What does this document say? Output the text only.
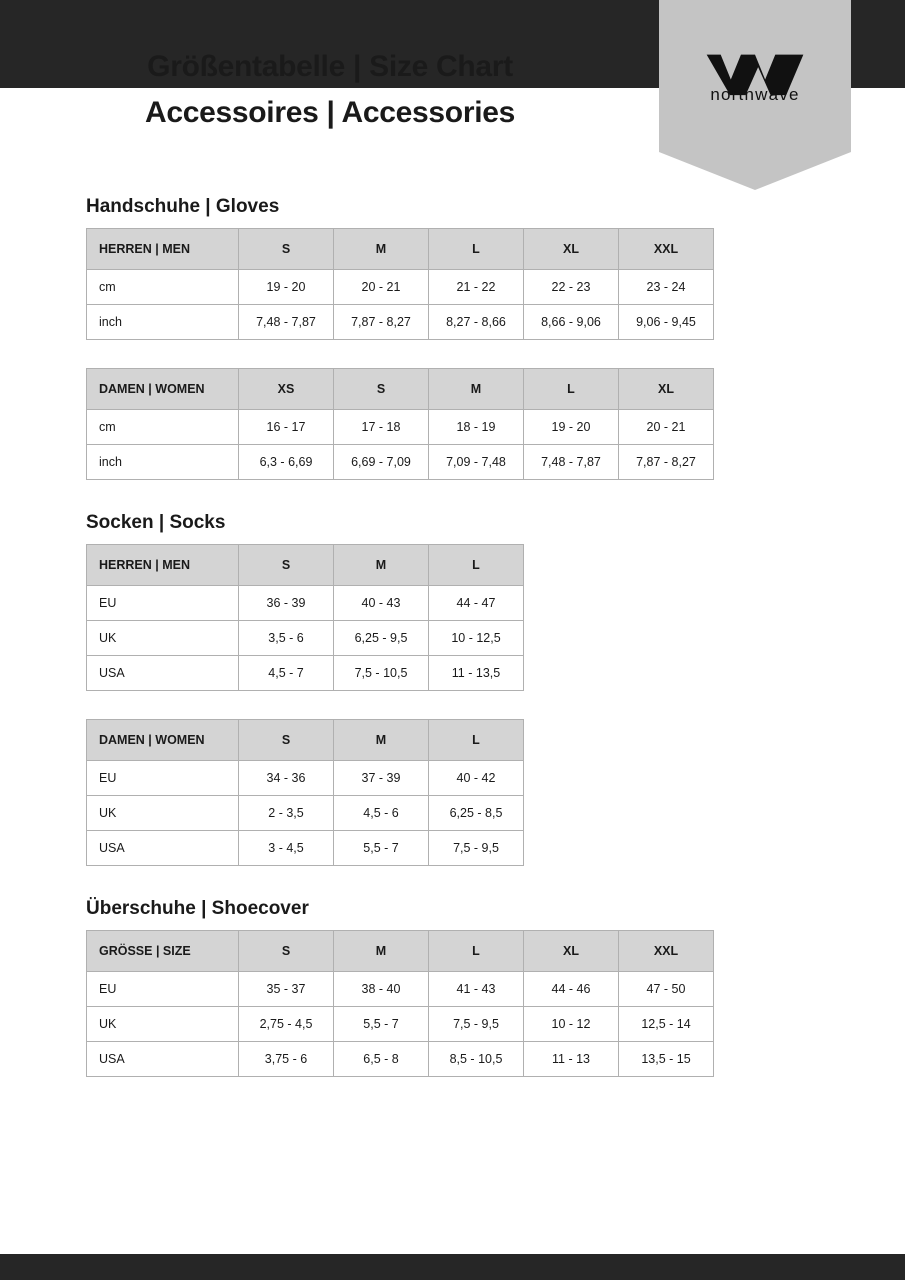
Größentabelle | Size Chart
Accessoires | Accessories
northwave
Handschuhe | Gloves
HERREN | MEN	S	M	L	XL	XXL
cm	19 - 20	20 - 21	21 - 22	22 - 23	23 - 24
inch	7,48 - 7,87	7,87 - 8,27	8,27 - 8,66	8,66 - 9,06	9,06 - 9,45
DAMEN | WOMEN	XS	S	M	L	XL
cm	16 - 17	17 - 18	18 - 19	19 - 20	20 - 21
inch	6,3 - 6,69	6,69 - 7,09	7,09 - 7,48	7,48 - 7,87	7,87 - 8,27
Socken | Socks
HERREN | MEN	S	M	L
EU	36 - 39	40 - 43	44 - 47
UK	3,5 - 6	6,25 - 9,5	10 - 12,5
USA	4,5 - 7	7,5 - 10,5	11 - 13,5
DAMEN | WOMEN	S	M	L
EU	34 - 36	37 - 39	40 - 42
UK	2 - 3,5	4,5 - 6	6,25 - 8,5
USA	3 - 4,5	5,5 - 7	7,5 - 9,5
Überschuhe | Shoecover
GRÖSSE | SIZE	S	M	L	XL	XXL
EU	35 - 37	38 - 40	41 - 43	44 - 46	47 - 50
UK	2,75 - 4,5	5,5 - 7	7,5 - 9,5	10 - 12	12,5 - 14
USA	3,75 - 6	6,5 - 8	8,5 - 10,5	11 - 13	13,5 - 15
